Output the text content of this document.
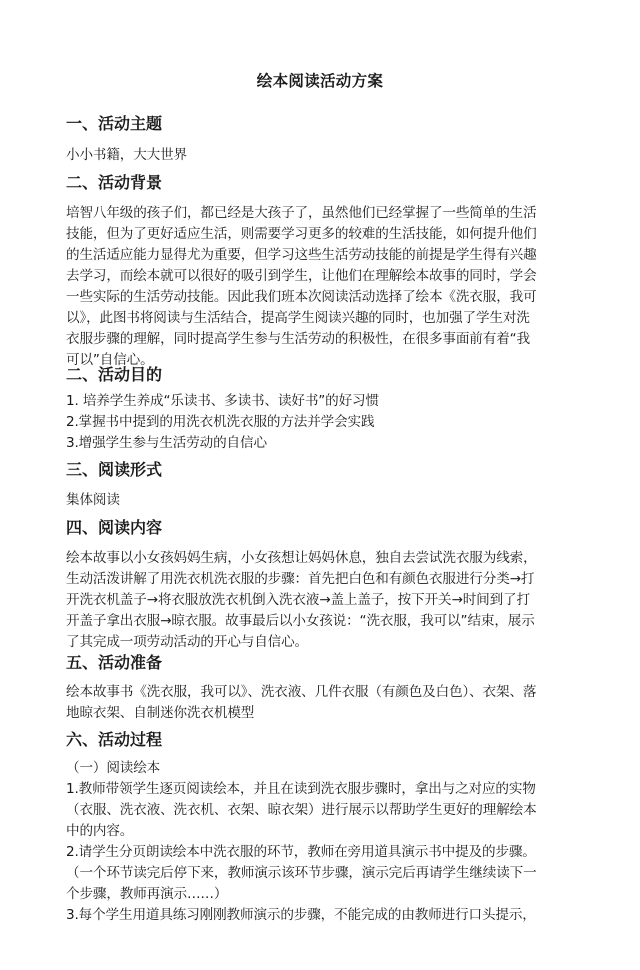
绘本阅读活动方案
一、活动主题
小小书籍，大大世界
二、活动背景
培智八年级的孩子们，都已经是大孩子了，虽然他们已经掌握了一些简单的生活
技能，但为了更好适应生活，则需要学习更多的较难的生活技能，如何提升他们
的生活适应能力显得尤为重要，但学习这些生活劳动技能的前提是学生得有兴趣
去学习，而绘本就可以很好的吸引到学生，让他们在理解绘本故事的同时，学会
一些实际的生活劳动技能。因此我们班本次阅读活动选择了绘本《洗衣服，我可
以》，此图书将阅读与生活结合，提高学生阅读兴趣的同时，也加强了学生对洗
衣服步骤的理解，同时提高学生参与生活劳动的积极性，在很多事面前有着“我
可以”自信心。
二、活动目的
1. 培养学生养成“乐读书、多读书、读好书”的好习惯
2.掌握书中提到的用洗衣机洗衣服的方法并学会实践
3.增强学生参与生活劳动的自信心
三、阅读形式
集体阅读
四、阅读内容
绘本故事以小女孩妈妈生病，小女孩想让妈妈休息，独自去尝试洗衣服为线索，
生动活泼讲解了用洗衣机洗衣服的步骤：首先把白色和有颜色衣服进行分类→打
开洗衣机盖子→将衣服放洗衣机倒入洗衣液→盖上盖子，按下开关→时间到了打
开盖子拿出衣服→晾衣服。故事最后以小女孩说：“洗衣服，我可以”结束，展示
了其完成一项劳动活动的开心与自信心。
五、活动准备
绘本故事书《洗衣服，我可以》、洗衣液、几件衣服（有颜色及白色）、衣架、落
地晾衣架、自制迷你洗衣机模型
六、活动过程
（一）阅读绘本
1.教师带领学生逐页阅读绘本，并且在读到洗衣服步骤时，拿出与之对应的实物
（衣服、洗衣液、洗衣机、衣架、晾衣架）进行展示以帮助学生更好的理解绘本
中的内容。
2.请学生分页朗读绘本中洗衣服的环节，教师在旁用道具演示书中提及的步骤。
（一个环节读完后停下来，教师演示该环节步骤，演示完后再请学生继续读下一
个步骤，教师再演示……）
3.每个学生用道具练习刚刚教师演示的步骤，不能完成的由教师进行口头提示，
